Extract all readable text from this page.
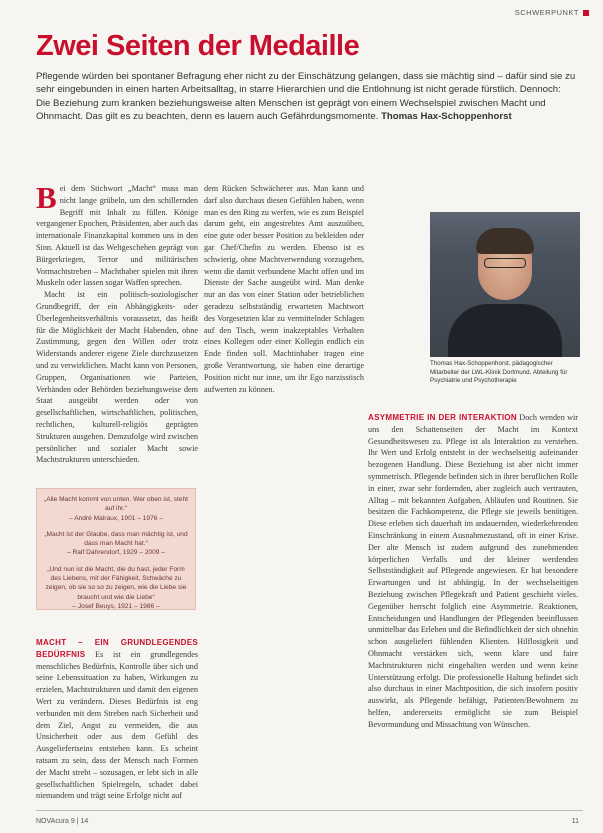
SCHWERPUNKT
Zwei Seiten der Medaille

Pflegende würden bei spontaner Befragung eher nicht zu der Einschätzung gelangen, dass sie mächtig sind – dafür sind sie zu sehr eingebunden in einen harten Arbeitsalltag, in starre Hierarchien und die Entlohnung ist nicht gerade fürstlich. Dennoch: Die Beziehung zum kranken beziehungsweise alten Menschen ist geprägt von einem Wechselspiel zwischen Macht und Ohnmacht. Das gilt es zu beachten, denn es lauern auch Gefährdungsmomente. Thomas Hax-Schoppenhorst

Bei dem Stichwort „Macht“ muss man nicht lange grübeln, um den schillernden Begriff mit Inhalt zu füllen. Könige vergangener Epochen, Präsidenten, aber auch das internationale Finanzkapital kommen uns in den Sinn. Aktuell ist das Weltgeschehen geprägt von Bürgerkriegen, Terror und militärischen Vormachtstreben – Machthaber spielen mit ihren Muskeln oder lassen sogar Waffen sprechen.

Macht ist ein politisch-soziologischer Grundbegriff, der ein Abhängigkeits- oder Überlegenheitsverhältnis voraussetzt, das heißt für die Möglichkeit der Macht Habenden, ohne Zustimmung, gegen den Willen oder trotz Widerstands anderer eigene Ziele durchzusetzen und zu verwirklichen. Macht kann von Personen, Gruppen, Organisationen wie Parteien, Verbänden oder Behörden beziehungsweise dem Staat ausgeübt werden oder von gesellschaftlichen, wirtschaftlichen, politischen, rechtlichen, kulturell-religiös geprägten Strukturen ausgehen. Demzufolge wird zwischen persönlicher und sozialer Macht sowie Machtstrukturen unterschieden.

„Alle Macht kommt von unten. Wer oben ist, steht auf ihr.“
– André Malraux, 1901 – 1976 –

„Macht ist der Glaube, dass man mächtig ist, und dass man Macht hat.“
– Ralf Dahrendorf, 1929 – 2009 –

„Und nun ist die Macht, die du hast, jeder Form des Liebens, mit der Fähigkeit, Schwäche zu zeigen, ob sie so so zu zeigen, wie die Liebe sie braucht und wie die Liebe“
– Josef Beuys, 1921 – 1986 –

MACHT – EIN GRUNDLEGENDES BEDÜRFNIS Es ist ein grundlegendes menschliches Bedürfnis, Kontrolle über sich und seine Lebenssituation zu haben, Wirkungen zu erzielen, Machtstrukturen und damit den eigenen Wert zu verändern. Dieses Bedürfnis ist eng verbunden mit dem Streben nach Sicherheit und dem Ziel, Angst zu vermeiden, die aus Unsicherheit oder aus dem Gefühl des Ausgeliefertseins entstehen kann. Es scheint ratsam zu sein, dass der Mensch nach Formen der Macht strebt – sozusagen, er lebt sich in alle gesellschaftlichen Spielregeln, schadet dabei niemandem und trägt seine Erfolge nicht auf

dem Rücken Schwächerer aus. Man kann und darf also durchaus diesen Gefühlen haben, wenn man es den Ring zu werfen, wie es zum Beispiel darum geht, ein angestrebtes Amt auszuüben, eine gute oder besser Position zu bekleiden oder gar Chef/Chefin zu werden. Ebenso ist es schwierig, ohne Machtverwendung vorzugehen, wenn die damit verbundene Macht offen und im Dienste der Sache ausgeübt wird. Man denke nur an das von einer Station oder betrieblichen geradezu selbstständig erwarteten Machtwort des Vorgesetzten klar zu vermittelnder Schlagen auf den Tisch, wenn inakzeptables Verhalten eines Kollegen oder einer Kollegin endlich ein Ende finden soll. Machtinhaber tragen eine große Verantwortung, sie haben eine derartige Position nicht nur inne, um ihr Ego narzisstisch aufwerten zu können.

Thomas Hax-Schoppenhorst, pädagogischer Mitarbeiter der LWL-Klinik Dortmund, Abteilung für Psychiatrie und Psychotherapie

ASYMMETRIE IN DER INTERAKTION Doch wenden wir uns den Schattenseiten der Macht im Kontext Gesundheitswesen zu. Pflege ist als Interaktion zu verstehen. Ihr Wert und Erfolg entsteht in der wechselseitig aufeinander bezogenen Handlung. Diese Beziehung ist aber nicht immer symmetrisch. Pflegende befinden sich in ihrer beruflichen Rolle in einer, zwar sehr fordernden, aber zugleich auch vertrauten, Alltag – mit bekannten Aufgaben, Abläufen und Routinen. Sie besitzen die Fachkompetenz, die Pflege sie jeweils benötigen. Diese erleben sich dauerhaft im andauernden, wiederkehrenden Einschränkung in einem Ausnahmezustand, oft in einer Krise. Der alte Mensch ist zudem aufgrund des zunehmenden körperlichen Verfalls und der kleiner werdenden Selbstständigkeit auf Pflegende angewiesen. Er hat besondere Erwartungen und ist abhängig. In der wechselseitigen Beziehung zwischen Pflegekraft und Patient geschieht vieles. Gegenüber herrscht folglich eine Asymmetrie. Reaktionen, Entscheidungen und Handlungen der Pflegenden beeinflussen unmittelbar das Erleben und die Befindlichkeit der sich ohnehin schon ausgeliefert fühlenden Klienten. Hilflosigkeit und Ohnmacht verstärken sich, wenn klare und faire Machtstrukturen nicht eingehalten werden und wenn keine Unterstützung erfolgt. Die professionelle Haltung befindet sich also durchaus in einer Machtposition, die sich insofern positiv auswirkt, als Pflegende befähigt, Patienten/Bewohnern zu helfen, andererseits ermöglicht sie zum Beispiel Bevormundung und Missachtung von Wünschen.

NOVAcura 9 | 14	11
